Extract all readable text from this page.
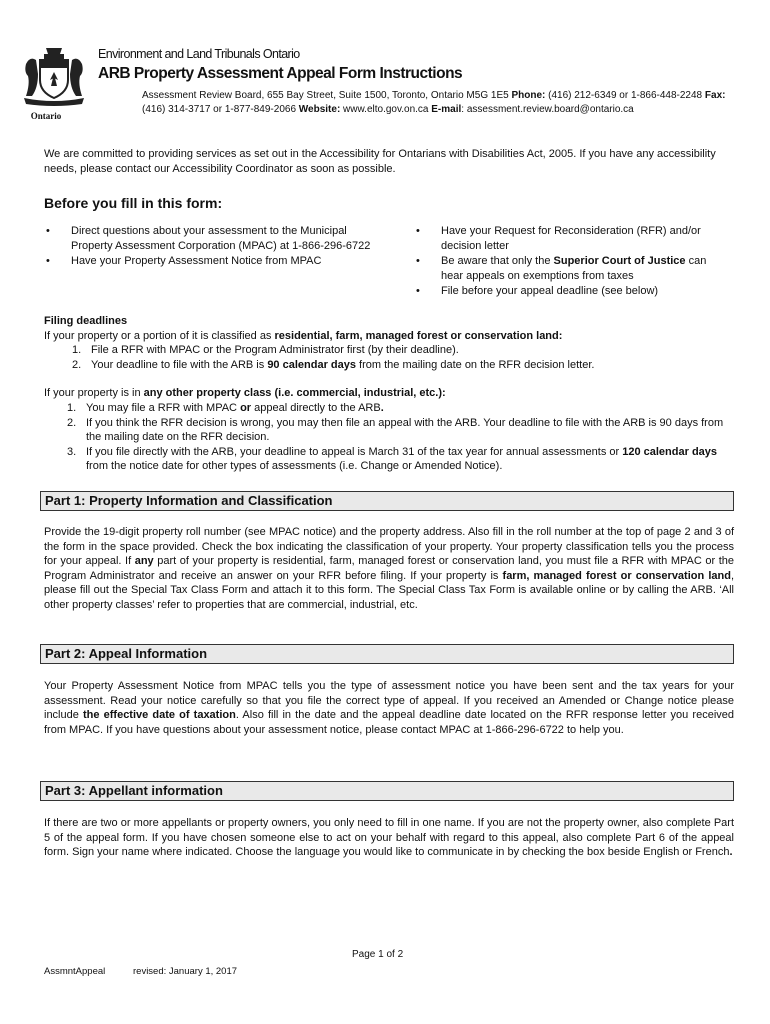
Ontario
Environment and Land Tribunals Ontario
ARB Property Assessment Appeal Form Instructions
Assessment Review Board, 655 Bay Street, Suite 1500, Toronto, Ontario M5G 1E5 Phone: (416) 212-6349 or 1-866-448-2248 Fax: (416) 314-3717 or 1-877-849-2066 Website: www.elto.gov.on.ca E-mail: assessment.review.board@ontario.ca
We are committed to providing services as set out in the Accessibility for Ontarians with Disabilities Act, 2005. If you have any accessibility needs, please contact our Accessibility Coordinator as soon as possible.
Before you fill in this form:
• Direct questions about your assessment to the Municipal Property Assessment Corporation (MPAC) at 1-866-296-6722
• Have your Property Assessment Notice from MPAC
• Have your Request for Reconsideration (RFR) and/or decision letter
• Be aware that only the Superior Court of Justice can hear appeals on exemptions from taxes
• File before your appeal deadline (see below)
Filing deadlines
If your property or a portion of it is classified as residential, farm, managed forest or conservation land:
1. File a RFR with MPAC or the Program Administrator first (by their deadline).
2. Your deadline to file with the ARB is 90 calendar days from the mailing date on the RFR decision letter.
If your property is in any other property class (i.e. commercial, industrial, etc.):
1. You may file a RFR with MPAC or appeal directly to the ARB.
2. If you think the RFR decision is wrong, you may then file an appeal with the ARB. Your deadline to file with the ARB is 90 days from the mailing date on the RFR decision.
3. If you file directly with the ARB, your deadline to appeal is March 31 of the tax year for annual assessments or 120 calendar days from the notice date for other types of assessments (i.e. Change or Amended Notice).
Part 1: Property Information and Classification
Provide the 19-digit property roll number (see MPAC notice) and the property address. Also fill in the roll number at the top of page 2 and 3 of the form in the space provided. Check the box indicating the classification of your property. Your property classification tells you the process for your appeal. If any part of your property is residential, farm, managed forest or conservation land, you must file a RFR with MPAC or the Program Administrator and receive an answer on your RFR before filing. If your property is farm, managed forest or conservation land, please fill out the Special Tax Class Form and attach it to this form. The Special Class Tax Form is available online or by calling the ARB. ‘All other property classes’ refer to properties that are commercial, industrial, etc.
Part 2: Appeal Information
Your Property Assessment Notice from MPAC tells you the type of assessment notice you have been sent and the tax years for your assessment. Read your notice carefully so that you file the correct type of appeal. If you received an Amended or Change notice please include the effective date of taxation. Also fill in the date and the appeal deadline date located on the RFR response letter you received from MPAC. If you have questions about your assessment notice, please contact MPAC at 1-866-296-6722 to help you.
Part 3: Appellant information
If there are two or more appellants or property owners, you only need to fill in one name. If you are not the property owner, also complete Part 5 of the appeal form. If you have chosen someone else to act on your behalf with regard to this appeal, also complete Part 6 of the appeal form. Sign your name where indicated. Choose the language you would like to communicate in by checking the box beside English or French.
Page 1 of 2
AssmntAppeal	revised: January 1, 2017
